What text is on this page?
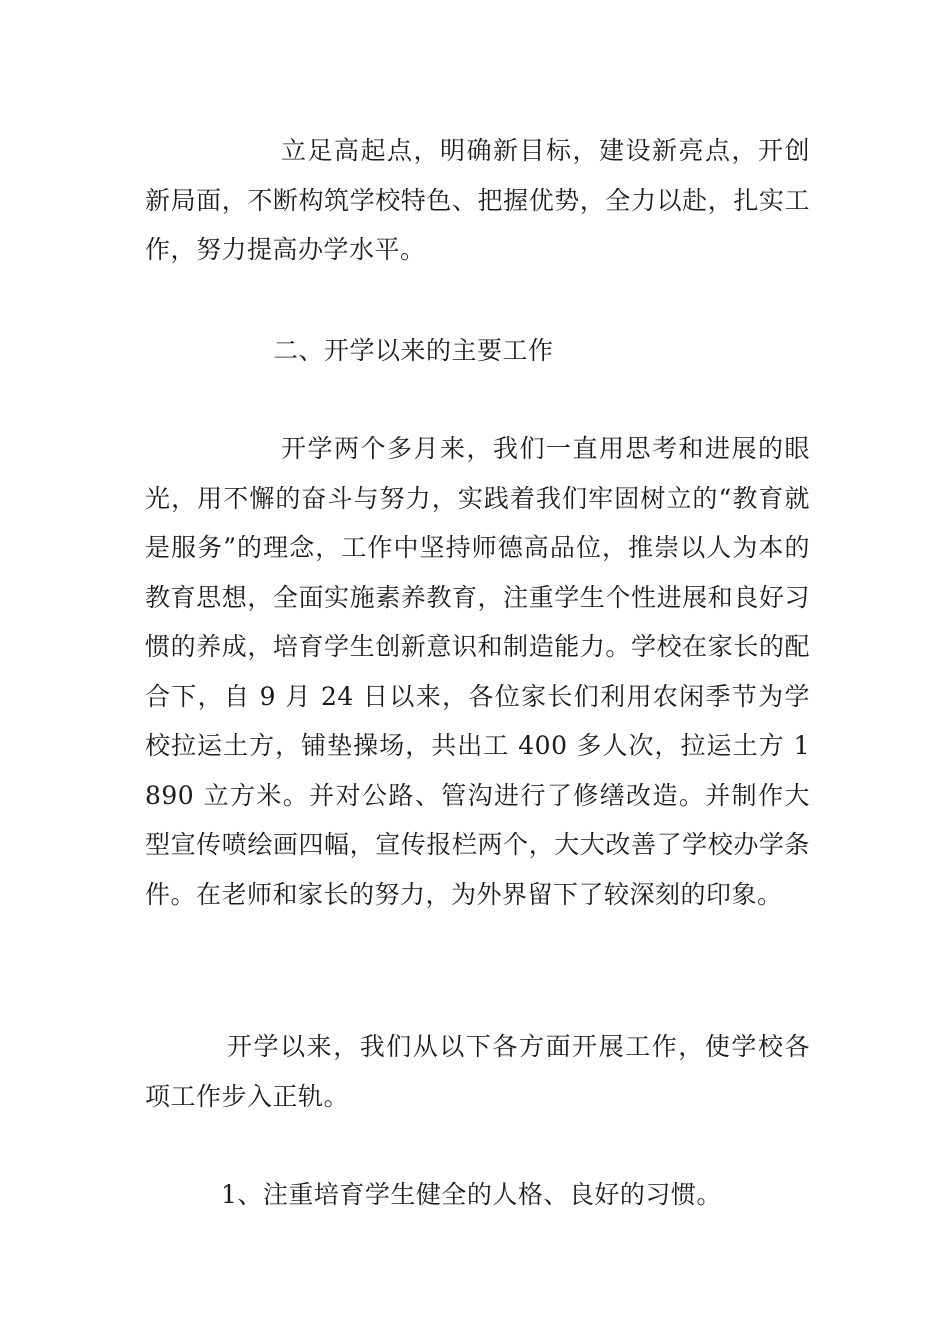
立足高起点，明确新目标，建设新亮点，开创新局面，不断构筑学校特色、把握优势，全力以赴，扎实工作，努力提高办学水平。

二、开学以来的主要工作

开学两个多月来，我们一直用思考和进展的眼光，用不懈的奋斗与努力，实践着我们牢固树立的“教育就是服务”的理念，工作中坚持师德高品位，推崇以人为本的教育思想，全面实施素养教育，注重学生个性进展和良好习惯的养成，培育学生创新意识和制造能力。学校在家长的配合下，自 9 月 24 日以来，各位家长们利用农闲季节为学校拉运土方，铺垫操场，共出工 400 多人次，拉运土方 1890 立方米。并对公路、管沟进行了修缮改造。并制作大型宣传喷绘画四幅，宣传报栏两个，大大改善了学校办学条件。在老师和家长的努力，为外界留下了较深刻的印象。

开学以来，我们从以下各方面开展工作，使学校各项工作步入正轨。

1、注重培育学生健全的人格、良好的习惯。
